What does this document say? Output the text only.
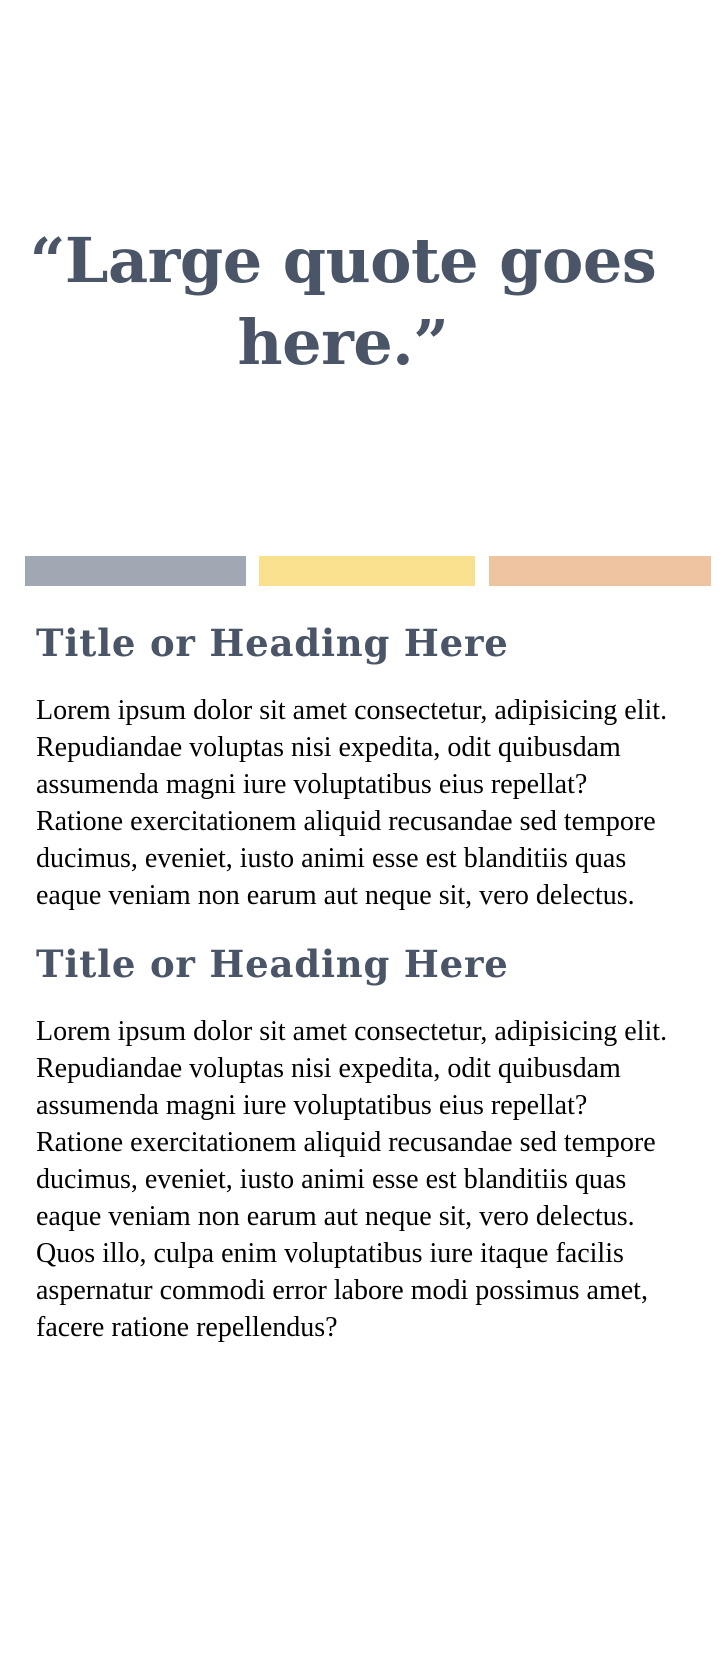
“Large quote goes here.”
Title or Heading Here

Lorem ipsum dolor sit amet consectetur, adipisicing elit. Repudiandae voluptas nisi expedita, odit quibusdam assumenda magni iure voluptatibus eius repellat? Ratione exercitationem aliquid recusandae sed tempore ducimus, eveniet, iusto animi esse est blanditiis quas eaque veniam non earum aut neque sit, vero delectus.

Title or Heading Here

Lorem ipsum dolor sit amet consectetur, adipisicing elit. Repudiandae voluptas nisi expedita, odit quibusdam assumenda magni iure voluptatibus eius repellat? Ratione exercitationem aliquid recusandae sed tempore ducimus, eveniet, iusto animi esse est blanditiis quas eaque veniam non earum aut neque sit, vero delectus. Quos illo, culpa enim voluptatibus iure itaque facilis aspernatur commodi error labore modi possimus amet, facere ratione repellendus?
